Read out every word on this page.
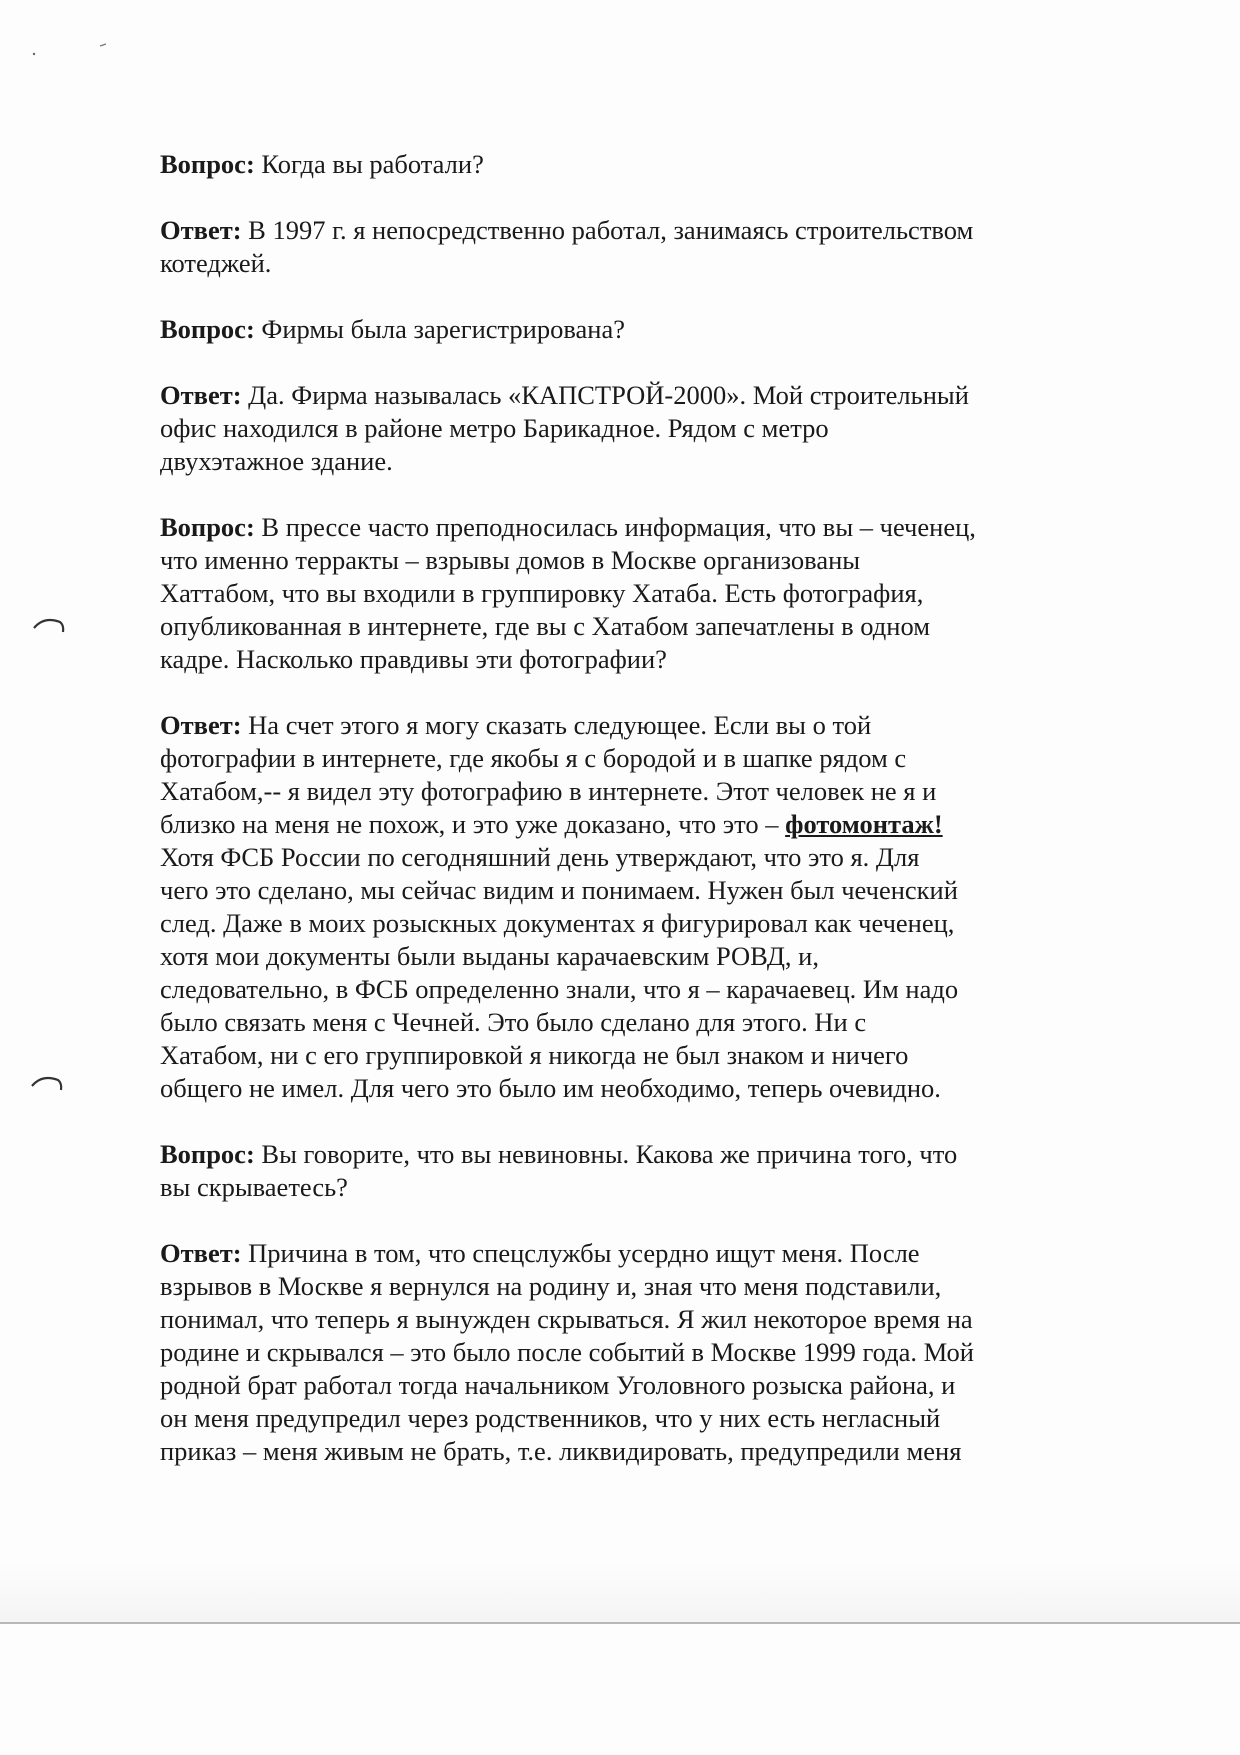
Вопрос: Когда вы работали?

Ответ: В 1997 г. я непосредственно работал, занимаясь строительством
котеджей.

Вопрос: Фирмы была зарегистрирована?

Ответ: Да. Фирма называлась «КАПСТРОЙ-2000». Мой строительный
офис находился в районе метро Барикадное. Рядом с метро
двухэтажное здание.

Вопрос: В прессе часто преподносилась информация, что вы – чеченец,
что именно терракты – взрывы домов в Москве организованы
Хаттабом, что вы входили в группировку Хатаба. Есть фотография,
опубликованная в интернете, где вы с Хатабом запечатлены в одном
кадре. Насколько правдивы эти фотографии?

Ответ: На счет этого я могу сказать следующее. Если вы о той
фотографии в интернете, где якобы я с бородой и в шапке рядом с
Хатабом,-- я видел эту фотографию в интернете. Этот человек не я и
близко на меня не похож, и это уже доказано, что это – фотомонтаж!
Хотя ФСБ России по сегодняшний день утверждают, что это я. Для
чего это сделано, мы сейчас видим и понимаем. Нужен был чеченский
след. Даже в моих розыскных документах я фигурировал как чеченец,
хотя мои документы были выданы карачаевским РОВД, и,
следовательно, в ФСБ определенно знали, что я – карачаевец. Им надо
было связать меня с Чечней. Это было сделано для этого. Ни с
Хатабом, ни с его группировкой я никогда не был знаком и ничего
общего не имел. Для чего это было им необходимо, теперь очевидно.

Вопрос: Вы говорите, что вы невиновны. Какова же причина того, что
вы скрываетесь?

Ответ: Причина в том, что спецслужбы усердно ищут меня. После
взрывов в Москве я вернулся на родину и, зная что меня подставили,
понимал, что теперь я вынужден скрываться. Я жил некоторое время на
родине и скрывался – это было после событий в Москве 1999 года. Мой
родной брат работал тогда начальником Уголовного розыска района, и
он меня предупредил через родственников, что у них есть негласный
приказ – меня живым не брать, т.е. ликвидировать, предупредили меня
